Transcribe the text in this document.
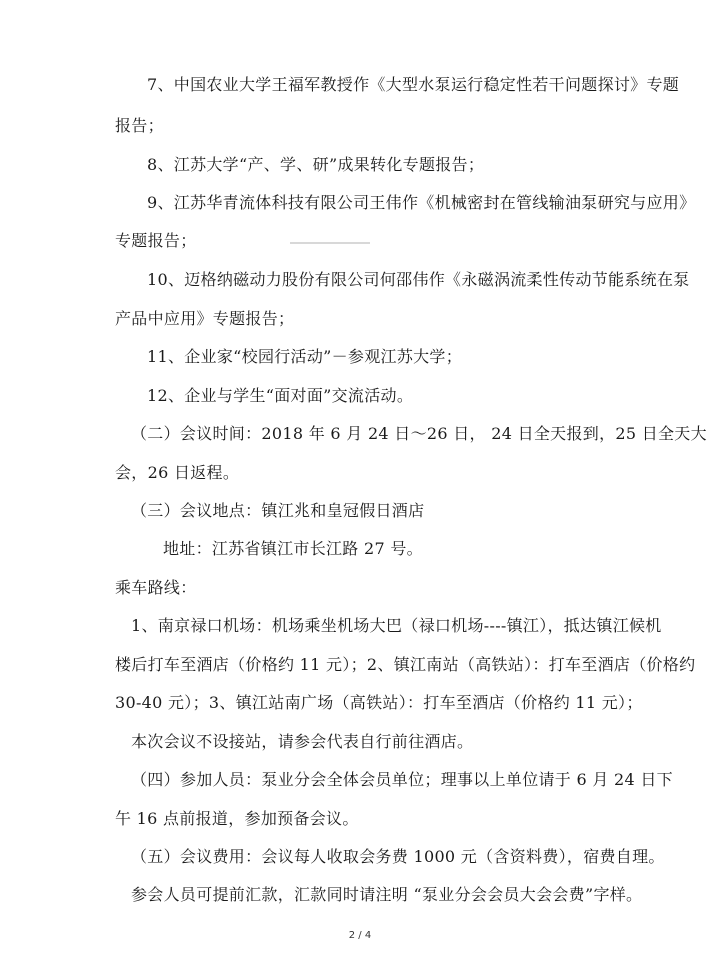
7、中国农业大学王福军教授作《大型水泵运行稳定性若干问题探讨》专题
报告；
8、江苏大学“产、学、研”成果转化专题报告；
9、江苏华青流体科技有限公司王伟作《机械密封在管线输油泵研究与应用》
专题报告；
10、迈格纳磁动力股份有限公司何邵伟作《永磁涡流柔性传动节能系统在泵
产品中应用》专题报告；
11、企业家“校园行活动”－参观江苏大学；
12、企业与学生“面对面”交流活动。
（二）会议时间：2018 年 6 月 24 日～26 日， 24 日全天报到，25 日全天大
会，26 日返程。
（三）会议地点：镇江兆和皇冠假日酒店
地址：江苏省镇江市长江路 27 号。
乘车路线：
1、南京禄口机场：机场乘坐机场大巴（禄口机场----镇江），抵达镇江候机
楼后打车至酒店（价格约 11 元）；2、镇江南站（高铁站）：打车至酒店（价格约
30-40 元）；3、镇江站南广场（高铁站）：打车至酒店（价格约 11 元）；
本次会议不设接站，请参会代表自行前往酒店。
（四）参加人员：泵业分会全体会员单位；理事以上单位请于 6 月 24 日下
午 16 点前报道，参加预备会议。
（五）会议费用：会议每人收取会务费 1000 元（含资料费），宿费自理。
参会人员可提前汇款，汇款同时请注明 “泵业分会会员大会会费”字样。
2 / 4
